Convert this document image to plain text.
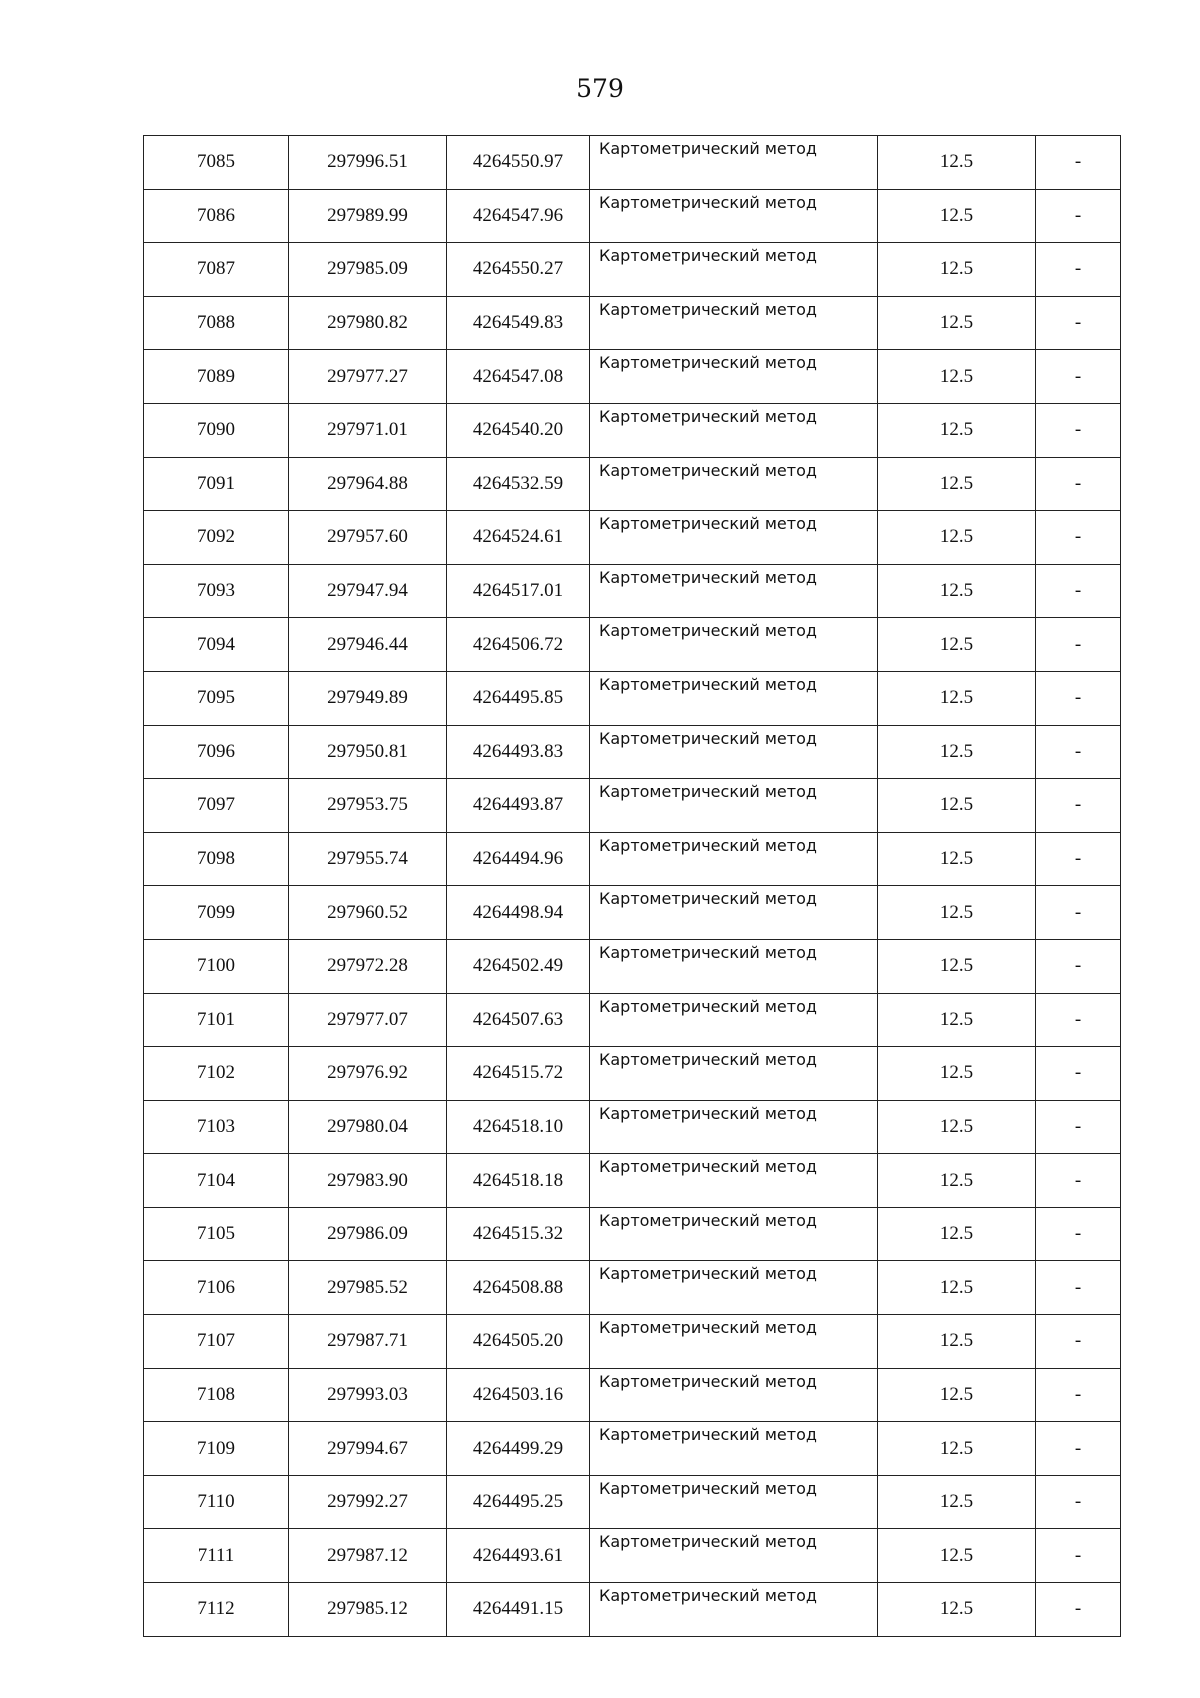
579
7085	297996.51	4264550.97	Картометрический метод	12.5	-
7086	297989.99	4264547.96	Картометрический метод	12.5	-
7087	297985.09	4264550.27	Картометрический метод	12.5	-
7088	297980.82	4264549.83	Картометрический метод	12.5	-
7089	297977.27	4264547.08	Картометрический метод	12.5	-
7090	297971.01	4264540.20	Картометрический метод	12.5	-
7091	297964.88	4264532.59	Картометрический метод	12.5	-
7092	297957.60	4264524.61	Картометрический метод	12.5	-
7093	297947.94	4264517.01	Картометрический метод	12.5	-
7094	297946.44	4264506.72	Картометрический метод	12.5	-
7095	297949.89	4264495.85	Картометрический метод	12.5	-
7096	297950.81	4264493.83	Картометрический метод	12.5	-
7097	297953.75	4264493.87	Картометрический метод	12.5	-
7098	297955.74	4264494.96	Картометрический метод	12.5	-
7099	297960.52	4264498.94	Картометрический метод	12.5	-
7100	297972.28	4264502.49	Картометрический метод	12.5	-
7101	297977.07	4264507.63	Картометрический метод	12.5	-
7102	297976.92	4264515.72	Картометрический метод	12.5	-
7103	297980.04	4264518.10	Картометрический метод	12.5	-
7104	297983.90	4264518.18	Картометрический метод	12.5	-
7105	297986.09	4264515.32	Картометрический метод	12.5	-
7106	297985.52	4264508.88	Картометрический метод	12.5	-
7107	297987.71	4264505.20	Картометрический метод	12.5	-
7108	297993.03	4264503.16	Картометрический метод	12.5	-
7109	297994.67	4264499.29	Картометрический метод	12.5	-
7110	297992.27	4264495.25	Картометрический метод	12.5	-
7111	297987.12	4264493.61	Картометрический метод	12.5	-
7112	297985.12	4264491.15	Картометрический метод	12.5	-
